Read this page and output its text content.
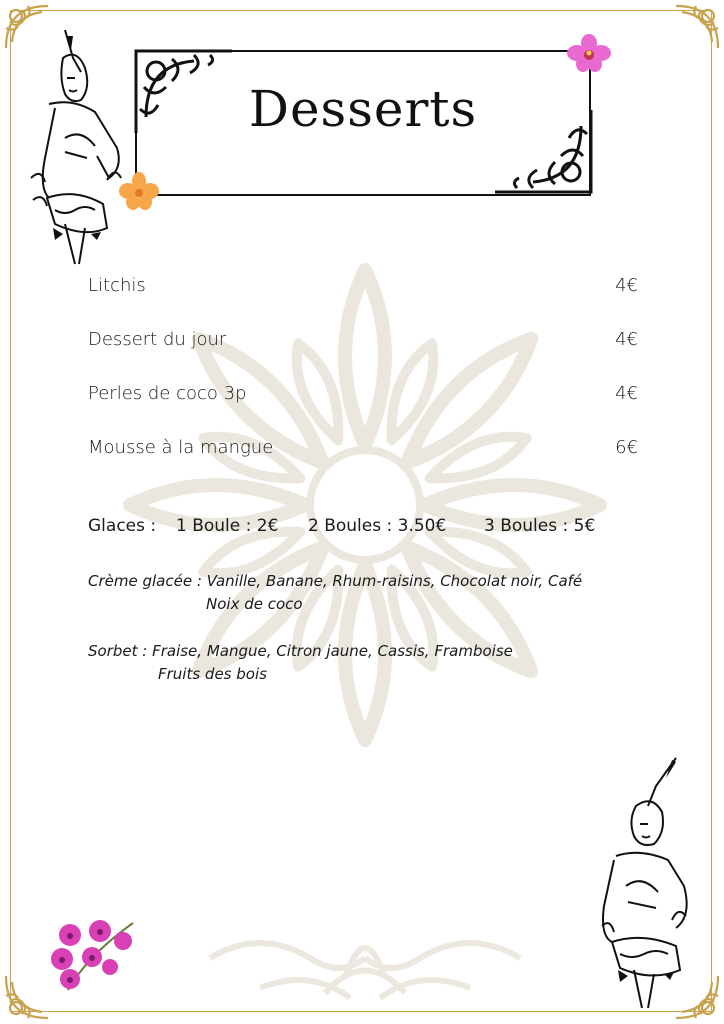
Desserts
Litchis	4€
Dessert du jour	4€
Perles de coco 3p	4€
Mousse à la mangue	6€
Glaces : 1 Boule : 2€ 2 Boules : 3.50€ 3 Boules : 5€
Crème glacée : Vanille, Banane, Rhum-raisins, Chocolat noir, Café
Noix de coco
Sorbet : Fraise, Mangue, Citron jaune, Cassis, Framboise
Fruits des bois
